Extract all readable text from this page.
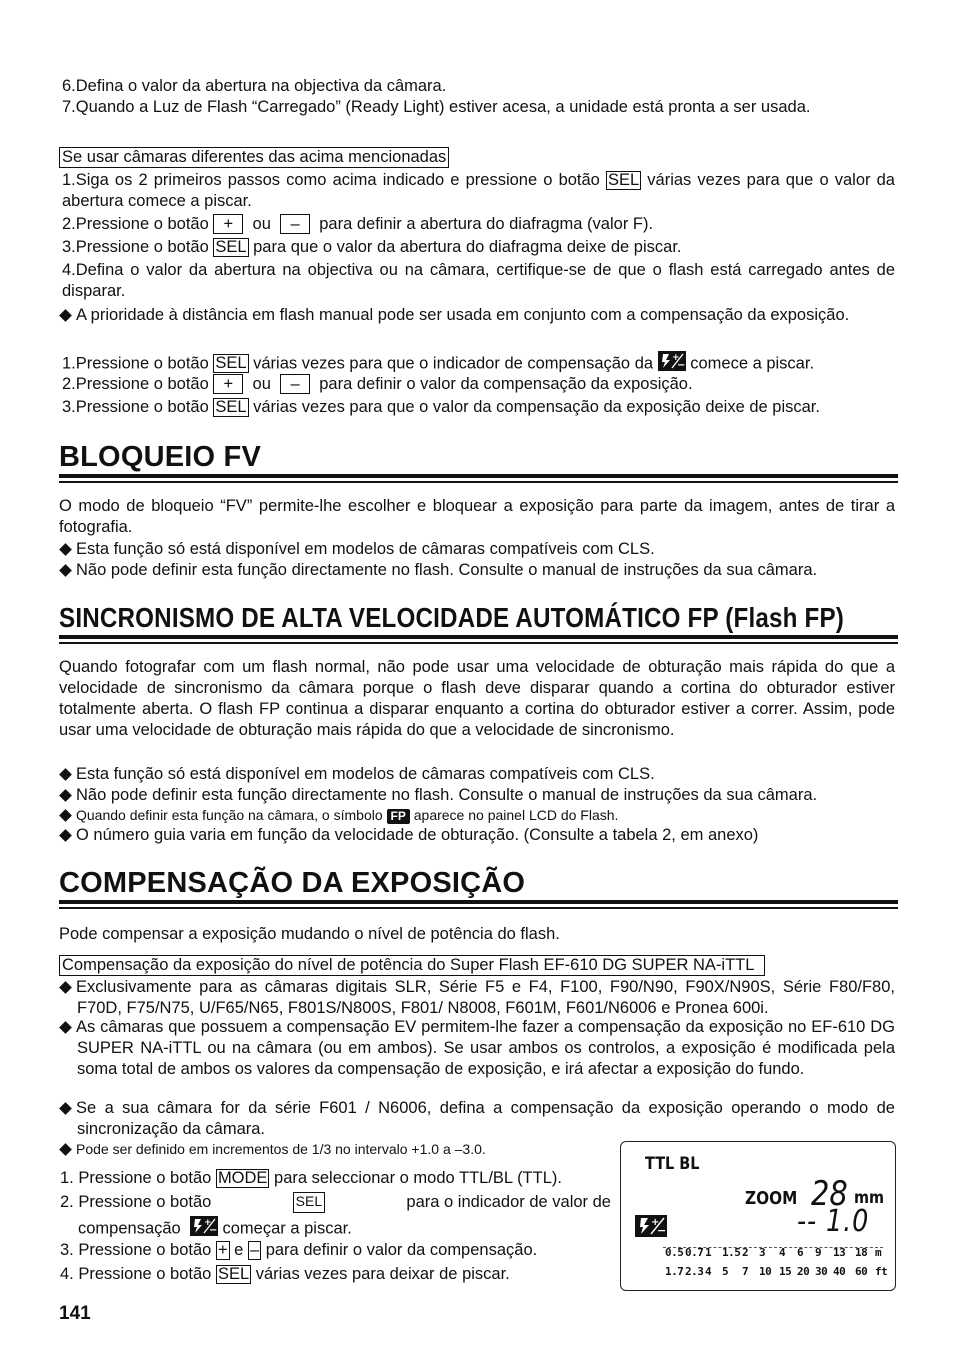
6.Defina o valor da abertura na objectiva da câmara.
7.Quando a Luz de Flash “Carregado” (Ready Light) estiver acesa, a unidade está pronta a ser usada.
Se usar câmaras diferentes das acima mencionadas
1.Siga os 2 primeiros passos como acima indicado e pressione o botão SEL várias vezes para que o valor da abertura comece a piscar.
2.Pressione o botão + ou – para definir a abertura do diafragma (valor F).
3.Pressione o botão SEL para que o valor da abertura do diafragma deixe de piscar.
4.Defina o valor da abertura na objectiva ou na câmara, certifique-se de que o flash está carregado antes de disparar.
A prioridade à distância em flash manual pode ser usada em conjunto com a compensação da exposição.
1.Pressione o botão SEL várias vezes para que o indicador de compensação da +
− comece a piscar.
2.Pressione o botão + ou – para definir o valor da compensação da exposição.
3.Pressione o botão SEL várias vezes para que o valor da compensação da exposição deixe de piscar.
BLOQUEIO FV
O modo de bloqueio “FV” permite-lhe escolher e bloquear a exposição para parte da imagem, antes de tirar a fotografia.
Esta função só está disponível em modelos de câmaras compatíveis com CLS.
Não pode definir esta função directamente no flash. Consulte o manual de instruções da sua câmara.
SINCRONISMO DE ALTA VELOCIDADE AUTOMÁTICO FP (Flash FP)
Quando fotografar com um flash normal, não pode usar uma velocidade de obturação mais rápida do que a velocidade de sincronismo da câmara porque o flash deve disparar quando a cortina do obturador estiver totalmente aberta. O flash FP continua a disparar enquanto a cortina do obturador estiver a correr. Assim, pode usar uma velocidade de obturação mais rápida do que a velocidade de sincronismo.
Esta função só está disponível em modelos de câmaras compatíveis com CLS.
Não pode definir esta função directamente no flash. Consulte o manual de instruções da sua câmara.
Quando definir esta função na câmara, o símbolo FP aparece no painel LCD do Flash.
O número guia varia em função da velocidade de obturação. (Consulte a tabela 2, em anexo)
COMPENSAÇÃO DA EXPOSIÇÃO
Pode compensar a exposição mudando o nível de potência do flash.
Compensação da exposição do nível de potência do Super Flash EF-610 DG SUPER NA-iTTL
Exclusivamente para as câmaras digitais SLR, Série F5 e F4, F100, F90/N90, F90X/N90S, Série F80/F80, F70D, F75/N75, U/F65/N65, F801S/N800S, F801/ N8008, F601M, F601/N6006 e Pronea 600i.
As câmaras que possuem a compensação EV permitem-lhe fazer a compensação da exposição no EF-610 DG SUPER NA-iTTL ou na câmara (ou em ambos). Se usar ambos os controlos, a exposição é modificada pela soma total de ambos os valores da compensação de exposição, e irá afectar a exposição do fundo.
Se a sua câmara for da série F601 / N6006, defina a compensação da exposição operando o modo de sincronização da câmara.
Pode ser definido em incrementos de 1/3 no intervalo +1.0 a –3.0.
1. Pressione o botão MODE para seleccionar o modo TTL/BL (TTL).
2. Pressione o botão	SEL	para o indicador de valor de
compensação	+
− começar a piscar.
3. Pressione o botão + e – para definir o valor da compensação.
4. Pressione o botão SEL várias vezes para deixar de piscar.
TTL BL
ZOOM 28 mm
+
−	-- 1.0
0.5 0.7 1 1.5 2 3 4 6 9 13 18 m
1.7 2.3 4 5 7 10 15 20 30 40 60 ft
141
